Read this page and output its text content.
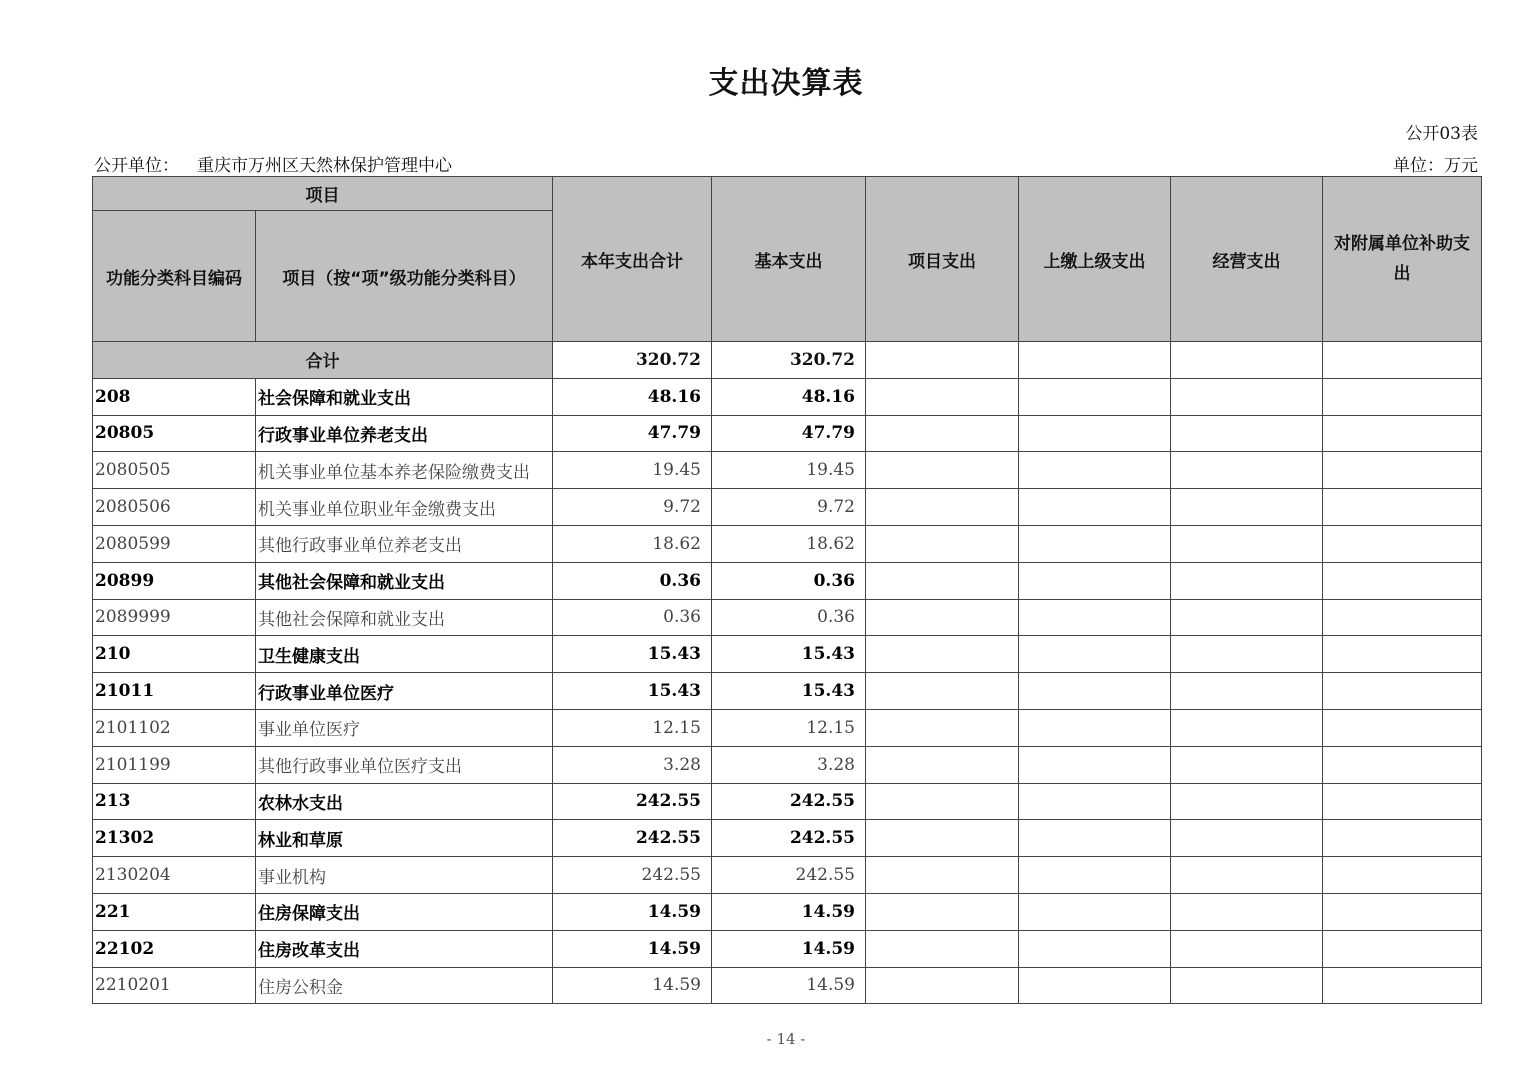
支出决算表
公开03表
公开单位： 重庆市万州区天然林保护管理中心	单位：万元
项目		本年支出合计	基本支出	项目支出	上缴上级支出	经营支出	对附属单位补助支出
功能分类科目编码	项目（按“项”级功能分类科目）						
合计		320.72	320.72				
208	社会保障和就业支出	48.16	48.16				
20805	行政事业单位养老支出	47.79	47.79				
2080505	机关事业单位基本养老保险缴费支出	19.45	19.45				
2080506	机关事业单位职业年金缴费支出	9.72	9.72				
2080599	其他行政事业单位养老支出	18.62	18.62				
20899	其他社会保障和就业支出	0.36	0.36				
2089999	其他社会保障和就业支出	0.36	0.36				
210	卫生健康支出	15.43	15.43				
21011	行政事业单位医疗	15.43	15.43				
2101102	事业单位医疗	12.15	12.15				
2101199	其他行政事业单位医疗支出	3.28	3.28				
213	农林水支出	242.55	242.55				
21302	林业和草原	242.55	242.55				
2130204	事业机构	242.55	242.55				
221	住房保障支出	14.59	14.59				
22102	住房改革支出	14.59	14.59				
2210201	住房公积金	14.59	14.59				
- 14 -
